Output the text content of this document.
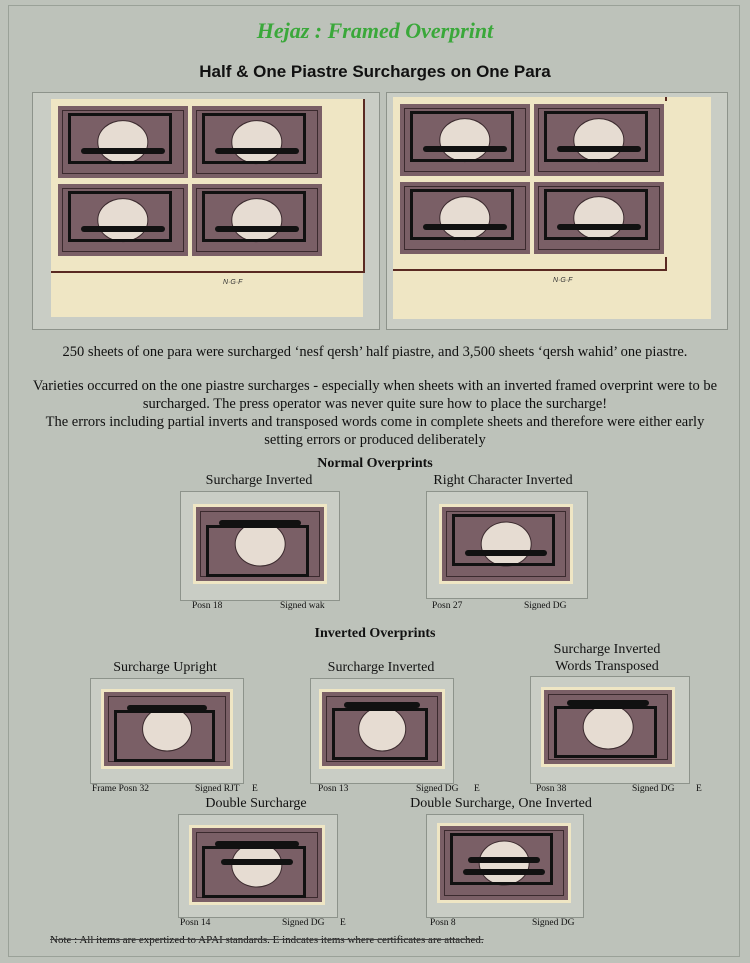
Hejaz : Framed Overprint
Half & One Piastre Surcharges on One Para
N·G·F	N·G·F
250 sheets of one para were surcharged ‘nesf qersh’ half piastre, and 3,500 sheets ‘qersh wahid’ one piastre.
Varieties occurred on the one piastre surcharges - especially when sheets with an inverted framed overprint were to be surcharged. The press operator was never quite sure how to place the surcharge!
The errors including partial inverts and transposed words come in complete sheets and therefore were either early setting errors or produced deliberately
Normal Overprints
Surcharge Inverted
Posn 18	Signed wak
Right Character Inverted
Posn 27	Signed DG
Inverted Overprints
Surcharge Upright
Frame Posn 32	Signed RJT E
Surcharge Inverted
Posn 13	Signed DG E
Surcharge Inverted
Words Transposed
Posn 38	Signed DG E
Double Surcharge
Posn 14	Signed DG E
Double Surcharge, One Inverted
Posn 8	Signed DG
Note : All items are expertized to APAI standards. E indcates items where certificates are attached.
